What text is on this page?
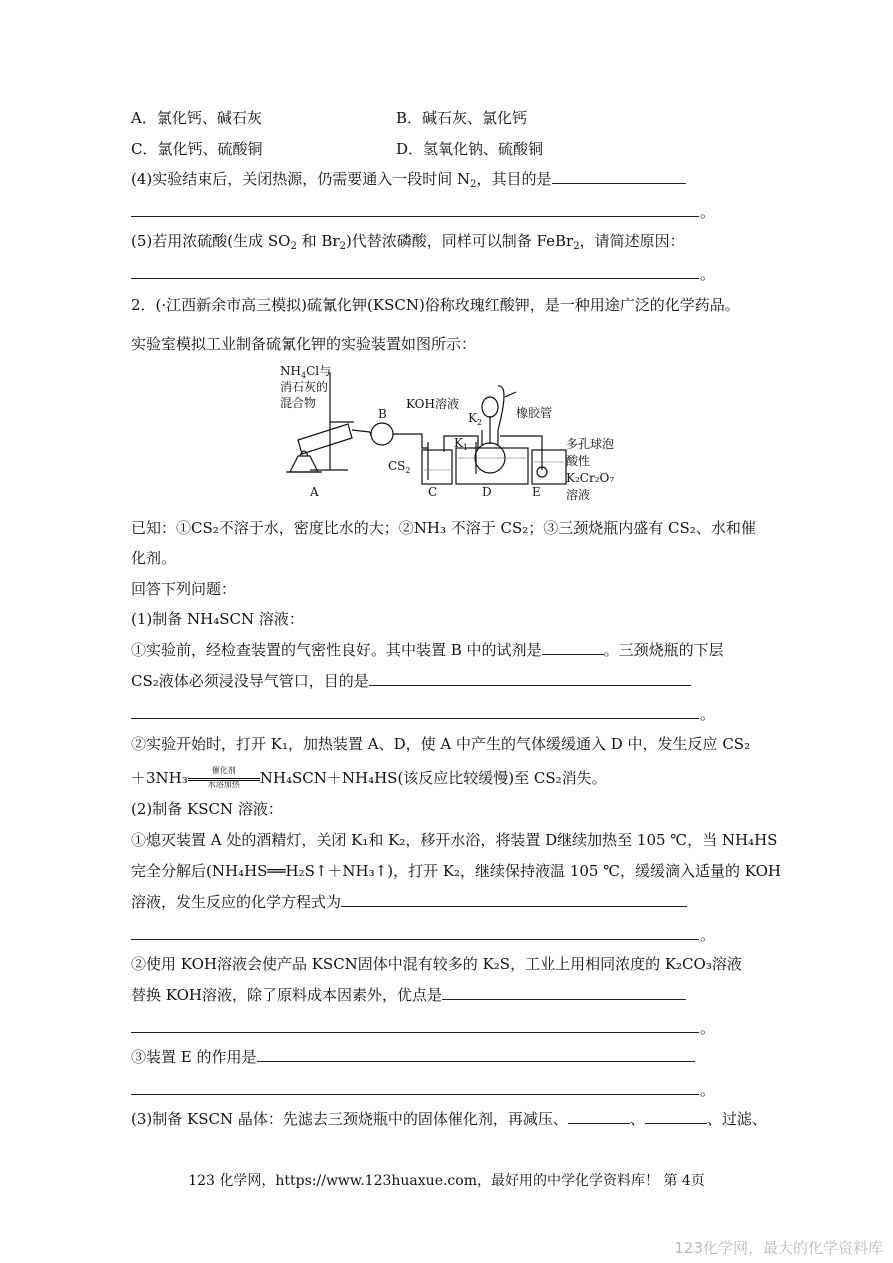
A．氯化钙、碱石灰	B．碱石灰、氯化钙
C．氯化钙、硫酸铜	D．氢氧化钠、硫酸铜
(4)实验结束后，关闭热源，仍需要通入一段时间 $N_2$，其目的是
。
(5)若用浓硫酸(生成 $SO_2$ 和 $Br_2$)代替浓磷酸，同样可以制备 FeBr$_2$，请简述原因：
。
2．(·江西新余市高三模拟)硫氰化钾(KSCN)俗称玫瑰红酸钾，是一种用途广泛的化学药品。
实验室模拟工业制备硫氰化钾的实验装置如图所示：
$NH_4Cl$与
消石灰的
混合物
B
KOH溶液
$K_2$
橡胶管
$K_1$
$CS_2$
多孔球泡
酸性
K₂Cr₂O₇
溶液
A	C	D	E
已知：①CS₂不溶于水，密度比水的大；②NH₃ 不溶于 CS₂；③三颈烧瓶内盛有 CS₂、水和催
化剂。
回答下列问题：
(1)制备 NH₄SCN 溶液：
①实验前，经检查装置的气密性良好。其中装置 B 中的试剂是	。三颈烧瓶的下层
CS₂液体必须浸没导气管口，目的是
。
②实验开始时，打开 K₁，加热装置 A、D，使 A 中产生的气体缓缓通入 D 中，发生反应 CS₂
＋3NH₃	催化剂
水浴加热	NH₄SCN＋NH₄HS(该反应比较缓慢)至 CS₂消失。
(2)制备 KSCN 溶液：
①熄灭装置 A 处的酒精灯，关闭 K₁和 K₂，移开水浴，将装置 D继续加热至 105 ℃，当 NH₄HS
完全分解后(NH₄HS══H₂S↑＋NH₃↑)，打开 K₂，继续保持液温 105 ℃，缓缓滴入适量的 KOH
溶液，发生反应的化学方程式为
。
②使用 KOH溶液会使产品 KSCN固体中混有较多的 K₂S，工业上用相同浓度的 K₂CO₃溶液
替换 KOH溶液，除了原料成本因素外，优点是
。
③装置 E 的作用是
。
(3)制备 KSCN 晶体：先滤去三颈烧瓶中的固体催化剂，再减压、	、	、过滤、
123 化学网，https://www.123huaxue.com，最好用的中学化学资料库！ 第 4页
123化学网，最大的化学资料库
